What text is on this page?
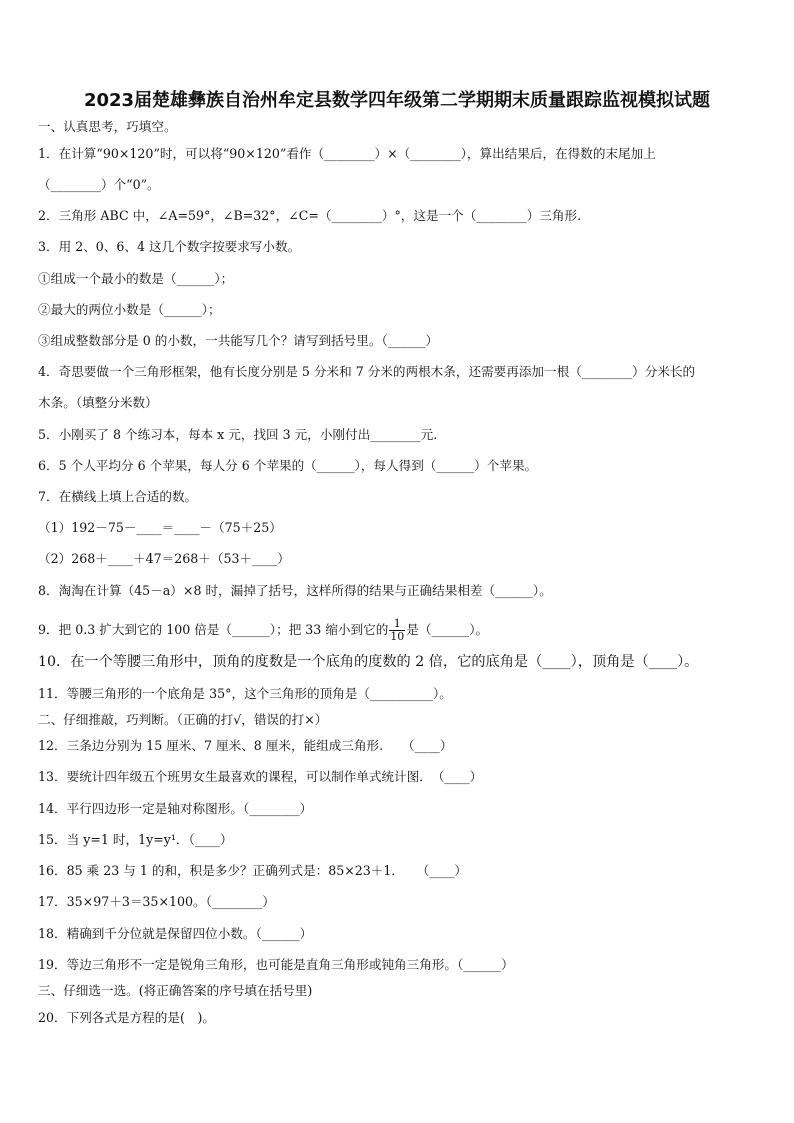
2023届楚雄彝族自治州牟定县数学四年级第二学期期末质量跟踪监视模拟试题
一、认真思考，巧填空。
1．在计算“90×120”时，可以将“90×120”看作（________）×（________），算出结果后，在得数的末尾加上
（________）个“0”。
2．三角形 ABC 中，∠A=59°，∠B=32°，∠C=（________）°，这是一个（________）三角形.
3．用 2、0、6、4 这几个数字按要求写小数。
①组成一个最小的数是（______）；
②最大的两位小数是（______）；
③组成整数部分是 0 的小数，一共能写几个？请写到括号里。（______）
4．奇思要做一个三角形框架，他有长度分别是 5 分米和 7 分米的两根木条，还需要再添加一根（________）分米长的
木条。（填整分米数）
5．小刚买了 8 个练习本，每本 x 元，找回 3 元，小刚付出________元.
6．5 个人平均分 6 个苹果，每人分 6 个苹果的（______），每人得到（______）个苹果。
7．在横线上填上合适的数。
（1）192－75－____＝____－（75＋25）
（2）268＋____＋47＝268＋（53＋____）
8．淘淘在计算（45－a）×8 时，漏掉了括号，这样所得的结果与正确结果相差（______）。
9．把 0.3 扩大到它的 100 倍是（______）；把 33 缩小到它的 $\frac{1}{10}$ 是（______）。
10．在一个等腰三角形中，顶角的度数是一个底角的度数的 2 倍，它的底角是（____），顶角是（____）。
11．等腰三角形的一个底角是 35°，这个三角形的顶角是（__________）。
二、仔细推敲，巧判断。（正确的打√，错误的打×）
12．三条边分别为 15 厘米、7 厘米、8 厘米，能组成三角形.　　（____）
13．要统计四年级五个班男女生最喜欢的课程，可以制作单式统计图．　（____）
14．平行四边形一定是轴对称图形。（________）
15．当 y=1 时，1y=y¹．（____）
16．85 乘 23 与 1 的和，积是多少？正确列式是：85×23＋1．　　（____）
17．35×97＋3＝35×100。（________）
18．精确到千分位就是保留四位小数。（______）
19．等边三角形不一定是锐角三角形，也可能是直角三角形或钝角三角形。（______）
三、仔细选一选。(将正确答案的序号填在括号里)
20．下列各式是方程的是(　)。
